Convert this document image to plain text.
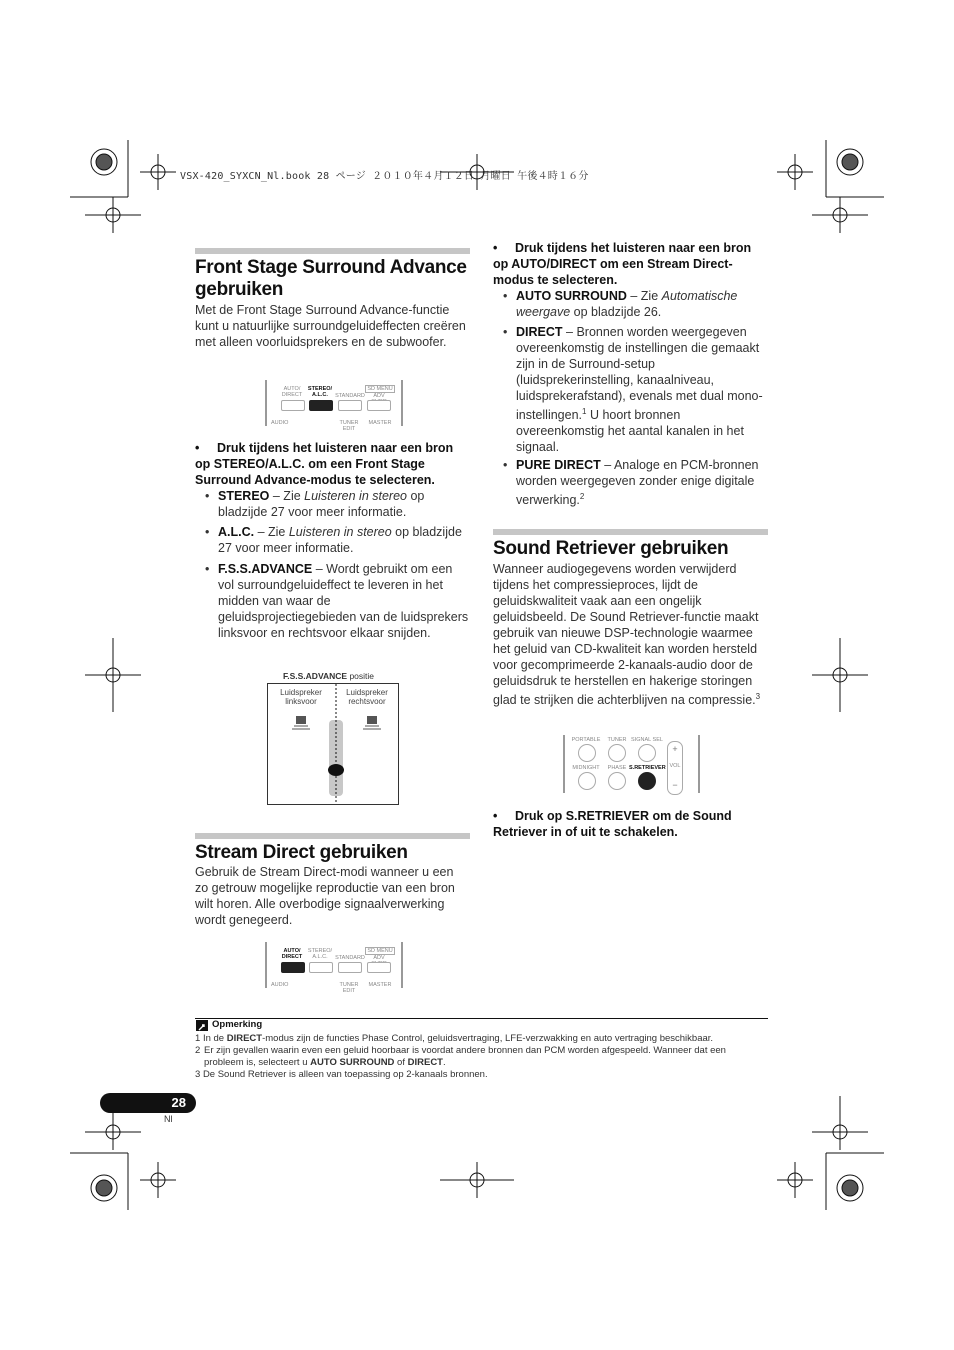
VSX-420_SYXCN_Nl.book 28 ページ ２０１０年４月１２日 月曜日 午後４時１６分
Front Stage Surround Advance gebruiken

Met de Front Stage Surround Advance-functie kunt u natuurlijke surroundgeluideffecten creëren met alleen voorluidsprekers en de subwoofer.

AUTO/ DIRECT
STEREO/ A.L.C.	STANDARD
SD MENU
ADV
AUDIO	TUNER EDIT
MASTER

• Druk tijdens het luisteren naar een bron op STEREO/A.L.C. om een Front Stage Surround Advance-modus te selecteren.

• STEREO – Zie Luisteren in stereo op bladzijde 27 voor meer informatie.

• A.L.C. – Zie Luisteren in stereo op bladzijde 27 voor meer informatie.

• F.S.S.ADVANCE – Wordt gebruikt om een vol surroundgeluideffect te leveren in het midden van waar de geluidsprojectiegebieden van de luidsprekers linksvoor en rechtsvoor elkaar snijden.

F.S.S.ADVANCE positie
Luidspreker linksvoor
Luidspreker rechtsvoor
Stream Direct gebruiken

Gebruik de Stream Direct-modi wanneer u een zo getrouw mogelijke reproductie van een bron wilt horen. Alle overbodige signaalverwerking wordt genegeerd.

AUTO/ DIRECT
STEREO/ A.L.C.	STANDARD
SD MENU
ADV
AUDIO	TUNER EDIT
MASTER

• Druk tijdens het luisteren naar een bron op AUTO/DIRECT om een Stream Direct-modus te selecteren.

• AUTO SURROUND – Zie Automatische weergave op bladzijde 26.

• DIRECT – Bronnen worden weergegeven overeenkomstig de instellingen die gemaakt zijn in de Surround-setup (luidsprekerinstelling, kanaalniveau, luidsprekerafstand), evenals met dual mono-instellingen.$^1$ U hoort bronnen overeenkomstig het aantal kanalen in het signaal.

• PURE DIRECT – Analoge en PCM-bronnen worden weergegeven zonder enige digitale verwerking.$^2$

Sound Retriever gebruiken

Wanneer audiogegevens worden verwijderd tijdens het compressieproces, lijdt de geluidskwaliteit vaak aan een ongelijk geluidsbeeld. De Sound Retriever-functie maakt gebruik van nieuwe DSP-technologie waarmee het geluid van CD-kwaliteit kan worden hersteld voor gecomprimeerde 2-kanaals-audio door de geluidsdruk te herstellen en hakerige storingen glad te strijken die achterblijven na compressie.$^3$

PORTABLE	TUNER SIGNAL SEL
MIDNIGHT	PHASE S.RETRIEVER
+
VOL
−

• Druk op S.RETRIEVER om de Sound Retriever in of uit te schakelen.

Opmerking
1 In de DIRECT-modus zijn de functies Phase Control, geluidsvertraging, LFE-verzwakking en auto vertraging beschikbaar.
2 Er zijn gevallen waarin even een geluid hoorbaar is voordat andere bronnen dan PCM worden afgespeeld. Wanneer dat een probleem is, selecteert u AUTO SURROUND of DIRECT.
3 De Sound Retriever is alleen van toepassing op 2-kanaals bronnen.
28
Nl
